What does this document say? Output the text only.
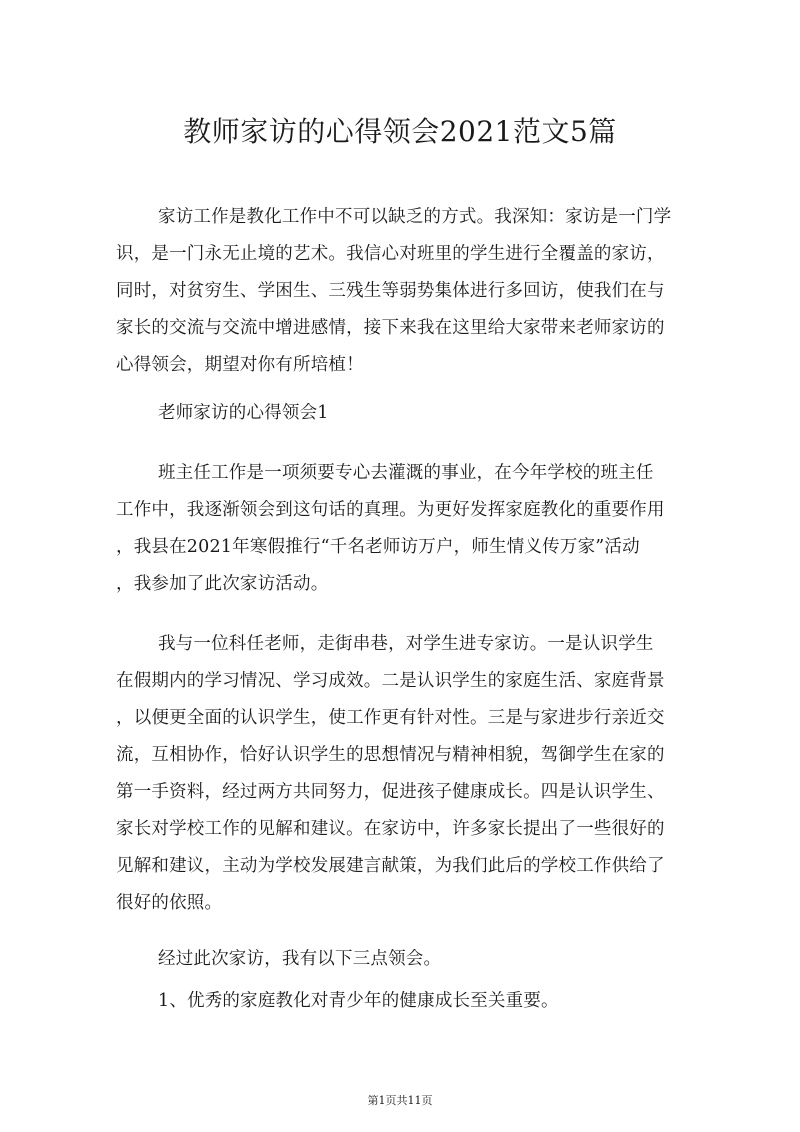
教师家访的心得领会2021范文5篇
家访工作是教化工作中不可以缺乏的方式。我深知：家访是一门学
识，是一门永无止境的艺术。我信心对班里的学生进行全覆盖的家访，
同时，对贫穷生、学困生、三残生等弱势集体进行多回访，使我们在与
家长的交流与交流中增进感情，接下来我在这里给大家带来老师家访的
心得领会，期望对你有所培植！
老师家访的心得领会1
班主任工作是一项须要专心去灌溉的事业，在今年学校的班主任
工作中，我逐渐领会到这句话的真理。为更好发挥家庭教化的重要作用
，我县在2021年寒假推行“千名老师访万户，师生情义传万家”活动
，我参加了此次家访活动。
我与一位科任老师，走街串巷，对学生进专家访。一是认识学生
在假期内的学习情况、学习成效。二是认识学生的家庭生活、家庭背景
，以便更全面的认识学生，使工作更有针对性。三是与家进步行亲近交
流，互相协作，恰好认识学生的思想情况与精神相貌，驾御学生在家的
第一手资料，经过两方共同努力，促进孩子健康成长。四是认识学生、
家长对学校工作的见解和建议。在家访中，许多家长提出了一些很好的
见解和建议，主动为学校发展建言献策，为我们此后的学校工作供给了
很好的依照。
经过此次家访，我有以下三点领会。
1、优秀的家庭教化对青少年的健康成长至关重要。
第1页共11页
